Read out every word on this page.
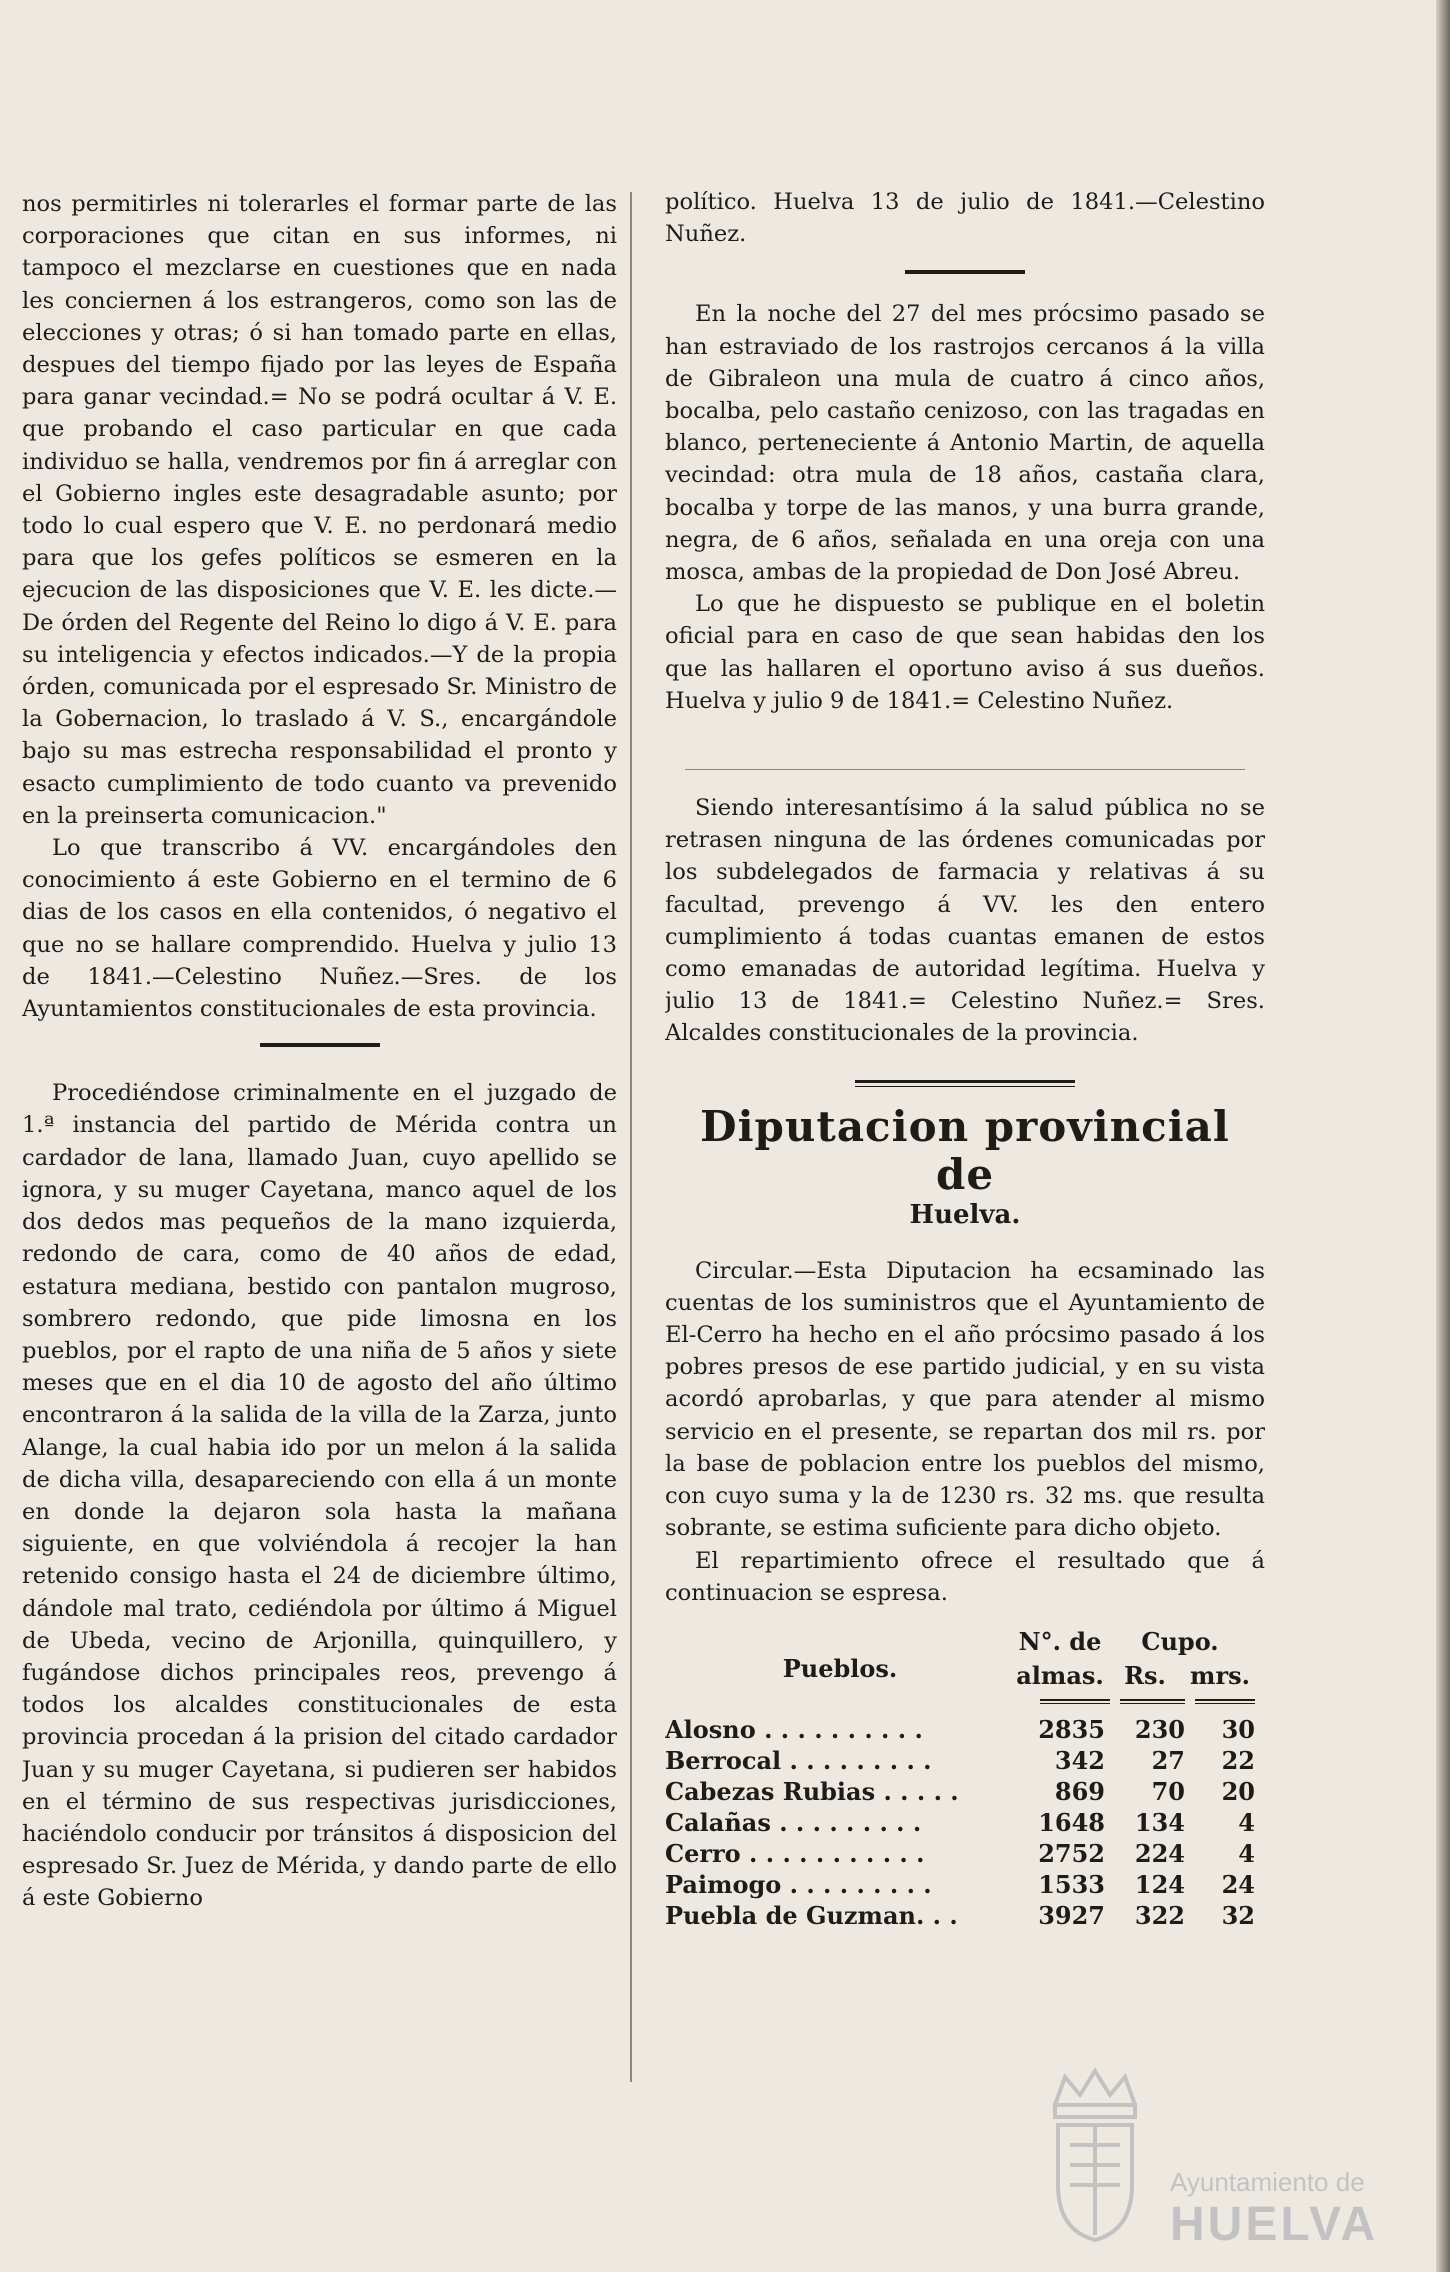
nos permitirles ni tolerarles el formar parte de las corporaciones que citan en sus informes, ni tampoco el mezclarse en cuestiones que en nada les conciernen á los estrangeros, como son las de elecciones y otras; ó si han tomado parte en ellas, despues del tiempo fijado por las leyes de España para ganar vecindad.= No se podrá ocultar á V. E. que probando el caso particular en que cada individuo se halla, vendremos por fin á arreglar con el Gobierno ingles este desagradable asunto; por todo lo cual espero que V. E. no perdonará medio para que los gefes políticos se esmeren en la ejecucion de las disposiciones que V. E. les dicte.—De órden del Regente del Reino lo digo á V. E. para su inteligencia y efectos indicados.—Y de la propia órden, comunicada por el espresado Sr. Ministro de la Gobernacion, lo traslado á V. S., encargándole bajo su mas estrecha responsabilidad el pronto y esacto cumplimiento de todo cuanto va prevenido en la preinserta comunicacion."

Lo que transcribo á VV. encargándoles den conocimiento á este Gobierno en el termino de 6 dias de los casos en ella contenidos, ó negativo el que no se hallare comprendido. Huelva y julio 13 de 1841.—Celestino Nuñez.—Sres. de los Ayuntamientos constitucionales de esta provincia.

Procediéndose criminalmente en el juzgado de 1.ª instancia del partido de Mérida contra un cardador de lana, llamado Juan, cuyo apellido se ignora, y su muger Cayetana, manco aquel de los dos dedos mas pequeños de la mano izquierda, redondo de cara, como de 40 años de edad, estatura mediana, bestido con pantalon mugroso, sombrero redondo, que pide limosna en los pueblos, por el rapto de una niña de 5 años y siete meses que en el dia 10 de agosto del año último encontraron á la salida de la villa de la Zarza, junto Alange, la cual habia ido por un melon á la salida de dicha villa, desapareciendo con ella á un monte en donde la dejaron sola hasta la mañana siguiente, en que volviéndola á recojer la han retenido consigo hasta el 24 de diciembre último, dándole mal trato, cediéndola por último á Miguel de Ubeda, vecino de Arjonilla, quinquillero, y fugándose dichos principales reos, prevengo á todos los alcaldes constitucionales de esta provincia procedan á la prision del citado cardador Juan y su muger Cayetana, si pudieren ser habidos en el término de sus respectivas jurisdicciones, haciéndolo conducir por tránsitos á disposicion del espresado Sr. Juez de Mérida, y dando parte de ello á este Gobierno

político. Huelva 13 de julio de 1841.—Celestino Nuñez.

En la noche del 27 del mes prócsimo pasado se han estraviado de los rastrojos cercanos á la villa de Gibraleon una mula de cuatro á cinco años, bocalba, pelo castaño cenizoso, con las tragadas en blanco, perteneciente á Antonio Martin, de aquella vecindad: otra mula de 18 años, castaña clara, bocalba y torpe de las manos, y una burra grande, negra, de 6 años, señalada en una oreja con una mosca, ambas de la propiedad de Don José Abreu.

Lo que he dispuesto se publique en el boletin oficial para en caso de que sean habidas den los que las hallaren el oportuno aviso á sus dueños. Huelva y julio 9 de 1841.= Celestino Nuñez.

Siendo interesantísimo á la salud pública no se retrasen ninguna de las órdenes comunicadas por los subdelegados de farmacia y relativas á su facultad, prevengo á VV. les den entero cumplimiento á todas cuantas emanen de estos como emanadas de autoridad legítima. Huelva y julio 13 de 1841.= Celestino Nuñez.= Sres. Alcaldes constitucionales de la provincia.

Diputacion provincial de
Huelva.

Circular.—Esta Diputacion ha ecsaminado las cuentas de los suministros que el Ayuntamiento de El-Cerro ha hecho en el año prócsimo pasado á los pobres presos de ese partido judicial, y en su vista acordó aprobarlas, y que para atender al mismo servicio en el presente, se repartan dos mil rs. por la base de poblacion entre los pueblos del mismo, con cuyo suma y la de 1230 rs. 32 ms. que resulta sobrante, se estima suficiente para dicho objeto.

El repartimiento ofrece el resultado que á continuacion se espresa.

Pueblos.
N°. de	Cupo.
almas. Rs.	mrs.
Alosno . . . . . . . . . .	2835	230	30
Berrocal . . . . . . . . .	342	27	22
Cabezas Rubias . . . . .	869	70	20
Calañas . . . . . . . . .	1648	134	4
Cerro . . . . . . . . . . .	2752	224	4
Paimogo . . . . . . . . .	1533	124	24
Puebla de Guzman. . .	3927	322	32
Ayuntamiento de
HUELVA
